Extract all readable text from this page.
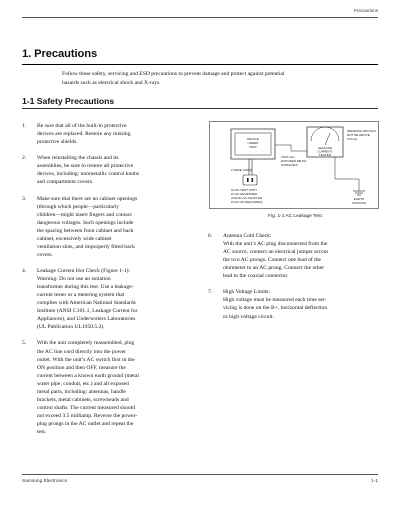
Precautions
1. Precautions
Follow these safety, servicing and ESD precautions to prevent damage and protect against potential
hazards such as electrical shock and X-rays.
1-1 Safety Precautions
1.	Be sure that all of the built-in protective
devices are replaced. Restore any missing
protective shields.
2.	When reinstalling the chassis and its
assemblies, be sure to restore all protective
devices, including: nonmetallic control knobs
and compartment covers.
3.	Make sure that there are no cabinet openings
(through which people—particularly
children—might insert fingers and contact
dangerous voltages. Such openings include
the spacing between front cabinet and back
cabinet, excessively wide cabinet
ventilation slots, and improperly fitted back
covers.
4.	Leakage Current Hot Check (Figure 1-1):
Warning: Do not use an isolation
transformer during this test. Use a leakage-
current tester or a metering system that
complies with American National Standards
Institute (ANSI C101.1, Leakage Current for
Appliances), and Underwriters Laboratories
(UL Publication UL1950.5.2).
5.	With the unit completely reassembled, plug
the AC line cord directly into the power
outlet. With the unit’s AC switch first in the
ON position and then OFF, measure the
current between a known earth ground (metal
water pipe, conduit, etc.) and all exposed
metal parts, including: antennas, handle
brackets, metal cabinets, screwheads and
control shafts. The current measured should
not exceed 3.5 milliamp. Reverse the power-
plug prongs in the AC outlet and repeat the
test.
DEVICE
UNDER
TEST	LEAKAGE
CURRENT
TESTER
(READING SHOULD
NOT BE ABOVE
0.5mA)
TEST ALL
EXPOSED METAL
SURFACES
2-WIRE CORD
ALSO TEST WITH
PLUG REVERSED
(USING AC ADAPTER
PLUG AS REQUIRED)
EARTH
GROUND
Fig. 1-1 AC Leakage Test
6.	Antenna Cold Check:
With the unit’s AC plug disconnected from the
AC source, connect an electrical jumper across
the two AC prongs. Connect one lead of the
ohmmeter to an AC prong. Connect the other
lead to the coaxial connector.
7.	High Voltage Limits:
High voltage must be measured each time ser-
vicing is done on the B+, horizontal deflection
or high voltage circuit.
Samsung Electronics	1-1
